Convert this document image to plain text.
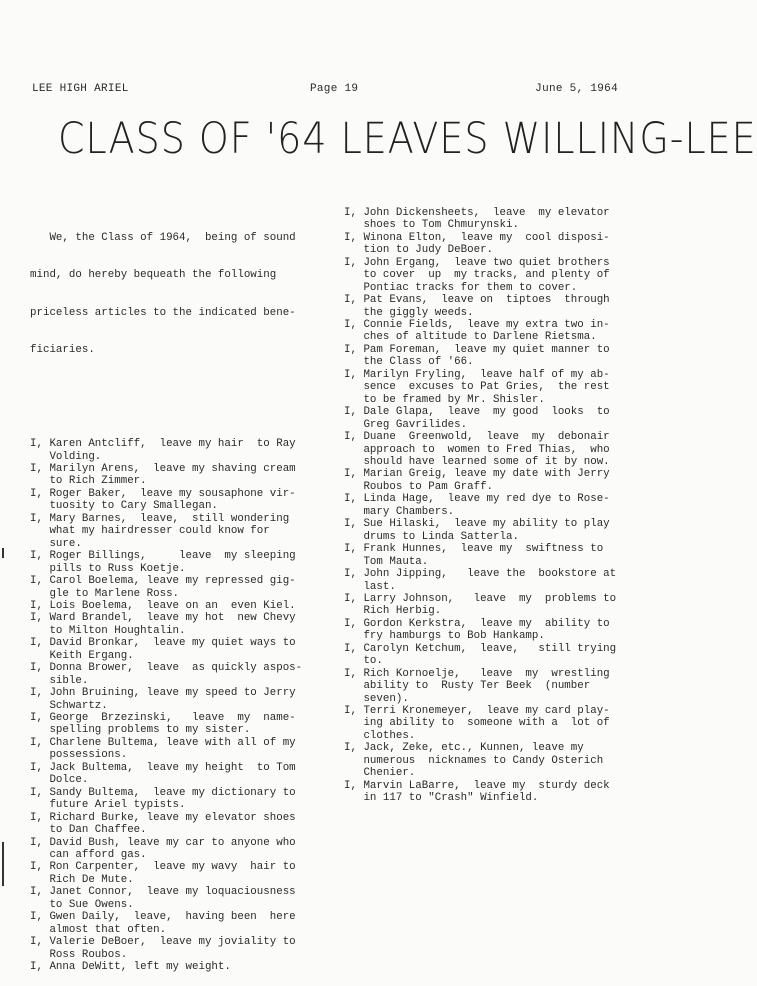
LEE HIGH ARIEL	Page 19	June 5, 1964
CLASS OF '64 LEAVES WILLING-LEE

We, the Class of 1964,  being of sound

mind, do hereby bequeath the following

priceless articles to the indicated bene-

ficiaries.

I, Karen Antcliff,  leave my hair  to Ray

Volding.

I, Marilyn Arens,  leave my shaving cream

to Rich Zimmer.

I, Roger Baker,  leave my sousaphone vir-

tuosity to Cary Smallegan.

I, Mary Barnes,  leave,  still wondering

what my hairdresser could know for

sure.

I, Roger Billings,     leave  my sleeping

pills to Russ Koetje.

I, Carol Boelema, leave my repressed gig-

gle to Marlene Ross.

I, Lois Boelema,  leave on an  even Kiel.

I, Ward Brandel,  leave my hot  new Chevy

to Milton Houghtalin.

I, David Bronkar,  leave my quiet ways to

Keith Ergang.

I, Donna Brower,  leave  as quickly aspos-

sible.

I, John Bruining, leave my speed to Jerry

Schwartz.

I, George  Brzezinski,   leave  my  name-

spelling problems to my sister.

I, Charlene Bultema, leave with all of my

possessions.

I, Jack Bultema,  leave my height  to Tom

Dolce.

I, Sandy Bultema,  leave my dictionary to

future Ariel typists.

I, Richard Burke, leave my elevator shoes

to Dan Chaffee.

I, David Bush, leave my car to anyone who

can afford gas.

I, Ron Carpenter,  leave my wavy  hair to

Rich De Mute.

I, Janet Connor,  leave my loquaciousness

to Sue Owens.

I, Gwen Daily,  leave,  having been  here

almost that often.

I, Valerie DeBoer,  leave my joviality to

Ross Roubos.

I, Anna DeWitt, left my weight.

I, John Dickensheets,  leave  my elevator

shoes to Tom Chmurynski.

I, Winona Elton,  leave my  cool disposi-

tion to Judy DeBoer.

I, John Ergang,  leave two quiet brothers

to cover  up  my tracks, and plenty of

Pontiac tracks for them to cover.

I, Pat Evans,  leave on  tiptoes  through

the giggly weeds.

I, Connie Fields,  leave my extra two in-

ches of altitude to Darlene Rietsma.

I, Pam Foreman,  leave my quiet manner to

the Class of '66.

I, Marilyn Fryling,  leave half of my ab-

sence  excuses to Pat Gries,  the rest

to be framed by Mr. Shisler.

I, Dale Glapa,  leave  my good  looks  to

Greg Gavrilides.

I, Duane  Greenwold,  leave  my  debonair

approach to  women to Fred Thias,  who

should have learned some of it by now.

I, Marian Greig, leave my date with Jerry

Roubos to Pam Graff.

I, Linda Hage,  leave my red dye to Rose-

mary Chambers.

I, Sue Hilaski,  leave my ability to play

drums to Linda Satterla.

I, Frank Hunnes,  leave my  swiftness to

Tom Mauta.

I, John Jipping,   leave the  bookstore at

last.

I, Larry Johnson,   leave  my  problems to

Rich Herbig.

I, Gordon Kerkstra,  leave my  ability to

fry hamburgs to Bob Hankamp.

I, Carolyn Ketchum,  leave,   still trying

to.

I, Rich Kornoelje,   leave  my  wrestling

ability to  Rusty Ter Beek  (number

seven).

I, Terri Kronemeyer,  leave my card play-

ing ability to  someone with a  lot of

clothes.

I, Jack, Zeke, etc., Kunnen, leave my

numerous  nicknames to Candy Osterich

Chenier.

I, Marvin LaBarre,  leave my  sturdy deck

in 117 to "Crash" Winfield.
